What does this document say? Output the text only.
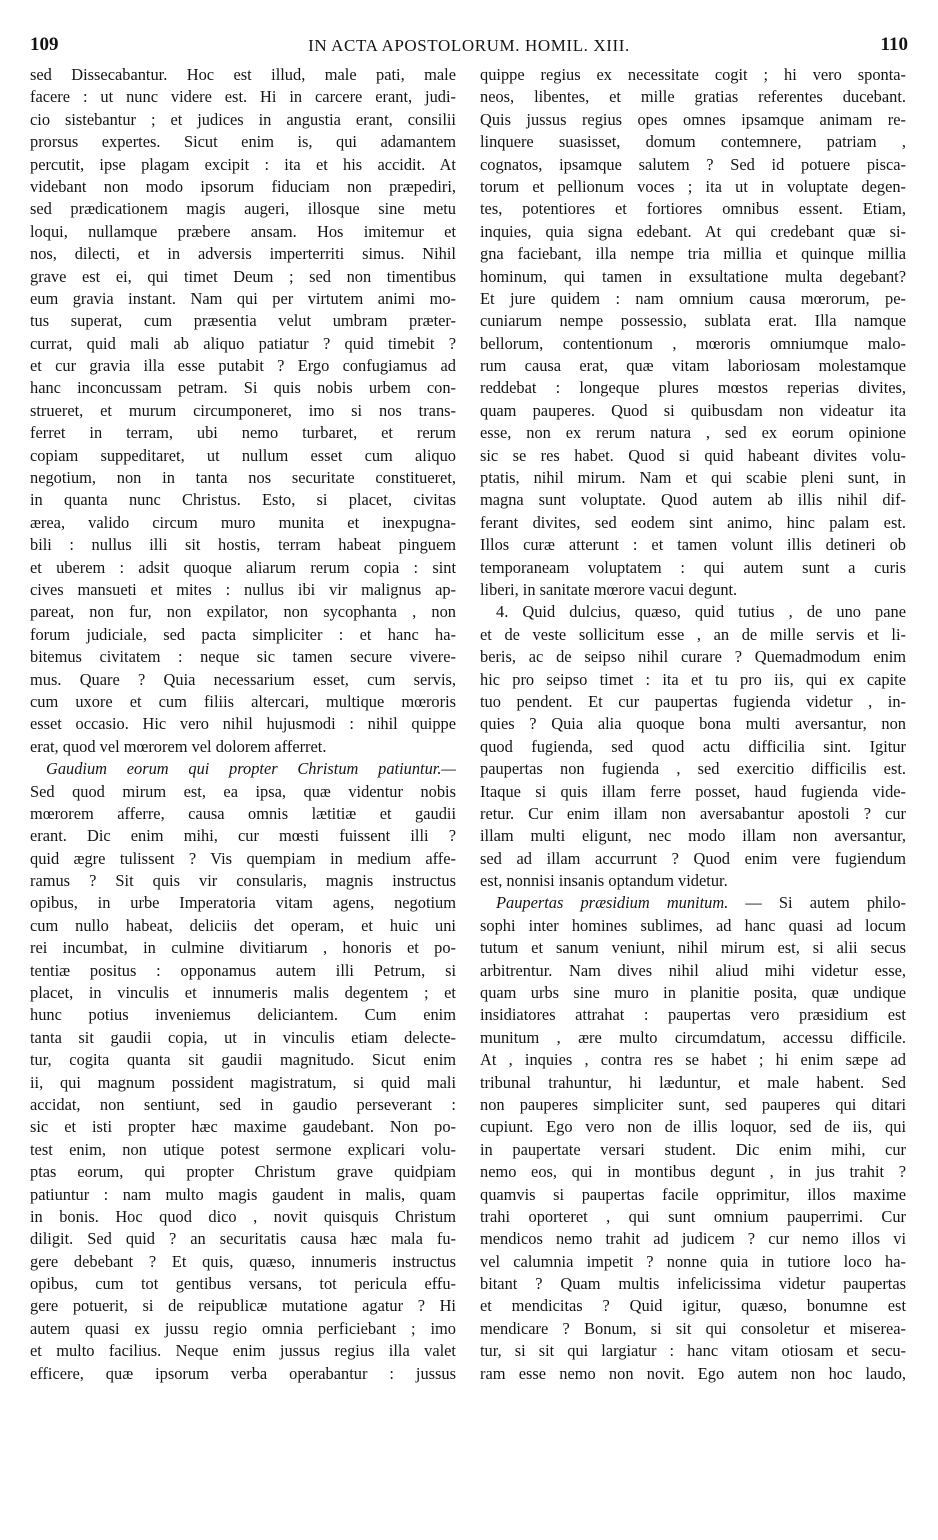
109	IN ACTA APOSTOLORUM. HOMIL. XIII.	110
sed Dissecabantur. Hoc est illud, male pati, male
facere : ut nunc videre est. Hi in carcere erant, judi-
cio sistebantur ; et judices in angustia erant, consilii
prorsus expertes. Sicut enim is, qui adamantem
percutit, ipse plagam excipit : ita et his accidit. At
videbant non modo ipsorum fiduciam non præpediri,
sed prædicationem magis augeri, illosque sine metu
loqui, nullamque præbere ansam. Hos imitemur et
nos, dilecti, et in adversis imperterriti simus. Nihil
grave est ei, qui timet Deum ; sed non timentibus
eum gravia instant. Nam qui per virtutem animi mo-
tus superat, cum præsentia velut umbram præter-
currat, quid mali ab aliquo patiatur ? quid timebit ?
et cur gravia illa esse putabit ? Ergo confugiamus ad
hanc inconcussam petram. Si quis nobis urbem con-
strueret, et murum circumponeret, imo si nos trans-
ferret in terram, ubi nemo turbaret, et rerum
copiam suppeditaret, ut nullum esset cum aliquo
negotium, non in tanta nos securitate constitueret,
in quanta nunc Christus. Esto, si placet, civitas
ærea, valido circum muro munita et inexpugna-
bili : nullus illi sit hostis, terram habeat pinguem
et uberem : adsit quoque aliarum rerum copia : sint
cives mansueti et mites : nullus ibi vir malignus ap-
pareat, non fur, non expilator, non sycophanta , non
forum judiciale, sed pacta simpliciter : et hanc ha-
bitemus civitatem : neque sic tamen secure vivere-
mus. Quare ? Quia necessarium esset, cum servis,
cum uxore et cum filiis altercari, multique mœroris
esset occasio. Hic vero nihil hujusmodi : nihil quippe
erat, quod vel mœrorem vel dolorem afferret.
Gaudium eorum qui propter Christum patiuntur.—
Sed quod mirum est, ea ipsa, quæ videntur nobis
mœrorem afferre, causa omnis lætitiæ et gaudii
erant. Dic enim mihi, cur mœsti fuissent illi ?
quid ægre tulissent ? Vis quempiam in medium affe-
ramus ? Sit quis vir consularis, magnis instructus
opibus, in urbe Imperatoria vitam agens, negotium
cum nullo habeat, deliciis det operam, et huic uni
rei incumbat, in culmine divitiarum , honoris et po-
tentiæ positus : opponamus autem illi Petrum, si
placet, in vinculis et innumeris malis degentem ; et
hunc potius inveniemus deliciantem. Cum enim
tanta sit gaudii copia, ut in vinculis etiam delecte-
tur, cogita quanta sit gaudii magnitudo. Sicut enim
ii, qui magnum possident magistratum, si quid mali
accidat, non sentiunt, sed in gaudio perseverant :
sic et isti propter hæc maxime gaudebant. Non po-
test enim, non utique potest sermone explicari volu-
ptas eorum, qui propter Christum grave quidpiam
patiuntur : nam multo magis gaudent in malis, quam
in bonis. Hoc quod dico , novit quisquis Christum
diligit. Sed quid ? an securitatis causa hæc mala fu-
gere debebant ? Et quis, quæso, innumeris instructus
opibus, cum tot gentibus versans, tot pericula effu-
gere potuerit, si de reipublicæ mutatione agatur ? Hi
autem quasi ex jussu regio omnia perficiebant ; imo
et multo facilius. Neque enim jussus regius illa valet
efficere, quæ ipsorum verba operabantur : jussus
quippe regius ex necessitate cogit ; hi vero sponta-
neos, libentes, et mille gratias referentes ducebant.
Quis jussus regius opes omnes ipsamque animam re-
linquere suasisset, domum contemnere, patriam ,
cognatos, ipsamque salutem ? Sed id potuere pisca-
torum et pellionum voces ; ita ut in voluptate degen-
tes, potentiores et fortiores omnibus essent. Etiam,
inquies, quia signa edebant. At qui credebant quæ si-
gna faciebant, illa nempe tria millia et quinque millia
hominum, qui tamen in exsultatione multa degebant?
Et jure quidem : nam omnium causa mœrorum, pe-
cuniarum nempe possessio, sublata erat. Illa namque
bellorum, contentionum , mœroris omniumque malo-
rum causa erat, quæ vitam laboriosam molestamque
reddebat : longeque plures mœstos reperias divites,
quam pauperes. Quod si quibusdam non videatur ita
esse, non ex rerum natura , sed ex eorum opinione
sic se res habet. Quod si quid habeant divites volu-
ptatis, nihil mirum. Nam et qui scabie pleni sunt, in
magna sunt voluptate. Quod autem ab illis nihil dif-
ferant divites, sed eodem sint animo, hinc palam est.
Illos curæ atterunt : et tamen volunt illis detineri ob
temporaneam voluptatem : qui autem sunt a curis
liberi, in sanitate mœrore vacui degunt.
4. Quid dulcius, quæso, quid tutius , de uno pane
et de veste sollicitum esse , an de mille servis et li-
beris, ac de seipso nihil curare ? Quemadmodum enim
hic pro seipso timet : ita et tu pro iis, qui ex capite
tuo pendent. Et cur paupertas fugienda videtur , in-
quies ? Quia alia quoque bona multi aversantur, non
quod fugienda, sed quod actu difficilia sint. Igitur
paupertas non fugienda , sed exercitio difficilis est.
Itaque si quis illam ferre posset, haud fugienda vide-
retur. Cur enim illam non aversabantur apostoli ? cur
illam multi eligunt, nec modo illam non aversantur,
sed ad illam accurrunt ? Quod enim vere fugiendum
est, nonnisi insanis optandum videtur.
Paupertas præsidium munitum. — Si autem philo-
sophi inter homines sublimes, ad hanc quasi ad locum
tutum et sanum veniunt, nihil mirum est, si alii secus
arbitrentur. Nam dives nihil aliud mihi videtur esse,
quam urbs sine muro in planitie posita, quæ undique
insidiatores attrahat : paupertas vero præsidium est
munitum , ære multo circumdatum, accessu difficile.
At , inquies , contra res se habet ; hi enim sæpe ad
tribunal trahuntur, hi læduntur, et male habent. Sed
non pauperes simpliciter sunt, sed pauperes qui ditari
cupiunt. Ego vero non de illis loquor, sed de iis, qui
in paupertate versari student. Dic enim mihi, cur
nemo eos, qui in montibus degunt , in jus trahit ?
quamvis si paupertas facile opprimitur, illos maxime
trahi oporteret , qui sunt omnium pauperrimi. Cur
mendicos nemo trahit ad judicem ? cur nemo illos vi
vel calumnia impetit ? nonne quia in tutiore loco ha-
bitant ? Quam multis infelicissima videtur paupertas
et mendicitas ? Quid igitur, quæso, bonumne est
mendicare ? Bonum, si sit qui consoletur et miserea-
tur, si sit qui largiatur : hanc vitam otiosam et secu-
ram esse nemo non novit. Ego autem non hoc laudo,
